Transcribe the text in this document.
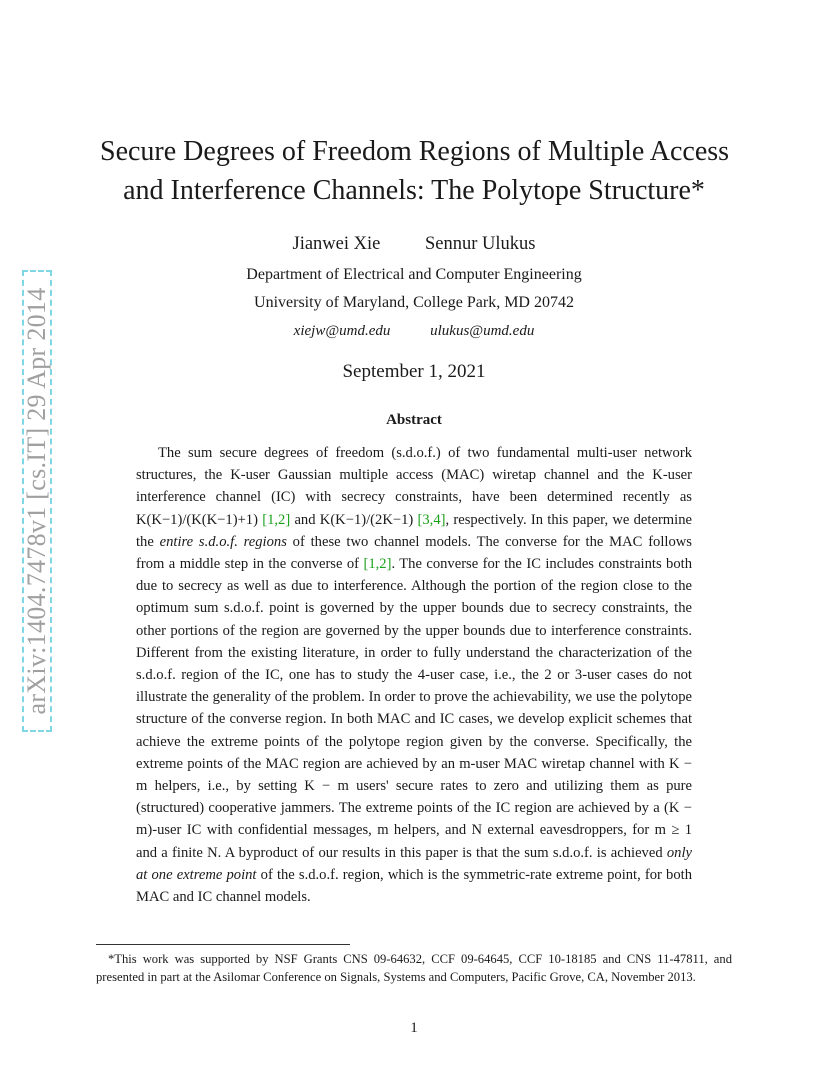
arXiv:1404.7478v1 [cs.IT] 29 Apr 2014
Secure Degrees of Freedom Regions of Multiple Access
and Interference Channels: The Polytope Structure*
Jianwei Xie Sennur Ulukus
Department of Electrical and Computer Engineering
University of Maryland, College Park, MD 20742
xiejw@umd.edu	ulukus@umd.edu
September 1, 2021
Abstract
The sum secure degrees of freedom (s.d.o.f.) of two fundamental multi-user network structures, the K-user Gaussian multiple access (MAC) wiretap channel and the K-user interference channel (IC) with secrecy constraints, have been determined recently as K(K−1)/(K(K−1)+1) [1,2] and K(K−1)/(2K−1) [3,4], respectively. In this paper, we determine the entire s.d.o.f. regions of these two channel models. The converse for the MAC follows from a middle step in the converse of [1,2]. The converse for the IC includes constraints both due to secrecy as well as due to interference. Although the portion of the region close to the optimum sum s.d.o.f. point is governed by the upper bounds due to secrecy constraints, the other portions of the region are governed by the upper bounds due to interference constraints. Different from the existing literature, in order to fully understand the characterization of the s.d.o.f. region of the IC, one has to study the 4-user case, i.e., the 2 or 3-user cases do not illustrate the generality of the problem. In order to prove the achievability, we use the polytope structure of the converse region. In both MAC and IC cases, we develop explicit schemes that achieve the extreme points of the polytope region given by the converse. Specifically, the extreme points of the MAC region are achieved by an m-user MAC wiretap channel with K − m helpers, i.e., by setting K − m users' secure rates to zero and utilizing them as pure (structured) cooperative jammers. The extreme points of the IC region are achieved by a (K − m)-user IC with confidential messages, m helpers, and N external eavesdroppers, for m ≥ 1 and a finite N. A byproduct of our results in this paper is that the sum s.d.o.f. is achieved only at one extreme point of the s.d.o.f. region, which is the symmetric-rate extreme point, for both MAC and IC channel models.
*This work was supported by NSF Grants CNS 09-64632, CCF 09-64645, CCF 10-18185 and CNS 11-47811, and presented in part at the Asilomar Conference on Signals, Systems and Computers, Pacific Grove, CA, November 2013.
1
